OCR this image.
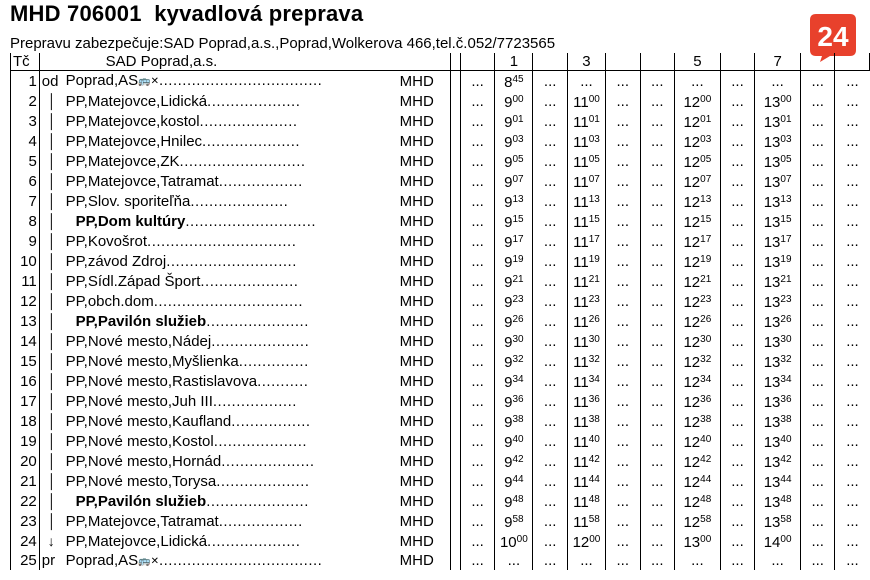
MHD 706001  kyvadlová preprava
Prepravu zabezpečuje:SAD Poprad,a.s.,Poprad,Wolkerova 466,tel.č.052/7723565	24
Tč		SAD Poprad,a.s.				1		3			5		7		
1	od	Poprad,AS🚌✕...................................	MHD		...	$8^{45}$	...	...	...	...	...	...	...	...	...
2	│	PP,Matejovce,Lidická....................	MHD		...	$9^{00}$	...	$11^{00}$	...	...	$12^{00}$	...	$13^{00}$	...	...
3	│	PP,Matejovce,kostol.....................	MHD		...	$9^{01}$	...	$11^{01}$	...	...	$12^{01}$	...	$13^{01}$	...	...
4	│	PP,Matejovce,Hnilec.....................	MHD		...	$9^{03}$	...	$11^{03}$	...	...	$12^{03}$	...	$13^{03}$	...	...
5	│	PP,Matejovce,ZK...........................	MHD		...	$9^{05}$	...	$11^{05}$	...	...	$12^{05}$	...	$13^{05}$	...	...
6	│	PP,Matejovce,Tatramat..................	MHD		...	$9^{07}$	...	$11^{07}$	...	...	$12^{07}$	...	$13^{07}$	...	...
7	│	PP,Slov. sporiteľňa.....................	MHD		...	$9^{13}$	...	$11^{13}$	...	...	$12^{13}$	...	$13^{13}$	...	...
8	│	PP,Dom kultúry............................	MHD		...	$9^{15}$	...	$11^{15}$	...	...	$12^{15}$	...	$13^{15}$	...	...
9	│	PP,Kovošrot................................	MHD		...	$9^{17}$	...	$11^{17}$	...	...	$12^{17}$	...	$13^{17}$	...	...
10	│	PP,závod Zdroj............................	MHD		...	$9^{19}$	...	$11^{19}$	...	...	$12^{19}$	...	$13^{19}$	...	...
11	│	PP,Sídl.Západ Šport.....................	MHD		...	$9^{21}$	...	$11^{21}$	...	...	$12^{21}$	...	$13^{21}$	...	...
12	│	PP,obch.dom................................	MHD		...	$9^{23}$	...	$11^{23}$	...	...	$12^{23}$	...	$13^{23}$	...	...
13	│	PP,Pavilón služieb......................	MHD		...	$9^{26}$	...	$11^{26}$	...	...	$12^{26}$	...	$13^{26}$	...	...
14	│	PP,Nové mesto,Nádej.....................	MHD		...	$9^{30}$	...	$11^{30}$	...	...	$12^{30}$	...	$13^{30}$	...	...
15	│	PP,Nové mesto,Myšlienka...............	MHD		...	$9^{32}$	...	$11^{32}$	...	...	$12^{32}$	...	$13^{32}$	...	...
16	│	PP,Nové mesto,Rastislavova...........	MHD		...	$9^{34}$	...	$11^{34}$	...	...	$12^{34}$	...	$13^{34}$	...	...
17	│	PP,Nové mesto,Juh III..................	MHD		...	$9^{36}$	...	$11^{36}$	...	...	$12^{36}$	...	$13^{36}$	...	...
18	│	PP,Nové mesto,Kaufland.................	MHD		...	$9^{38}$	...	$11^{38}$	...	...	$12^{38}$	...	$13^{38}$	...	...
19	│	PP,Nové mesto,Kostol....................	MHD		...	$9^{40}$	...	$11^{40}$	...	...	$12^{40}$	...	$13^{40}$	...	...
20	│	PP,Nové mesto,Hornád....................	MHD		...	$9^{42}$	...	$11^{42}$	...	...	$12^{42}$	...	$13^{42}$	...	...
21	│	PP,Nové mesto,Torysa....................	MHD		...	$9^{44}$	...	$11^{44}$	...	...	$12^{44}$	...	$13^{44}$	...	...
22	│	PP,Pavilón služieb......................	MHD		...	$9^{48}$	...	$11^{48}$	...	...	$12^{48}$	...	$13^{48}$	...	...
23	│	PP,Matejovce,Tatramat..................	MHD		...	$9^{58}$	...	$11^{58}$	...	...	$12^{58}$	...	$13^{58}$	...	...
24	↓	PP,Matejovce,Lidická....................	MHD		...	$10^{00}$	...	$12^{00}$	...	...	$13^{00}$	...	$14^{00}$	...	...
25	pr	Poprad,AS🚌✕...................................	MHD		...	...	...	...	...	...	...	...	...	...	...
